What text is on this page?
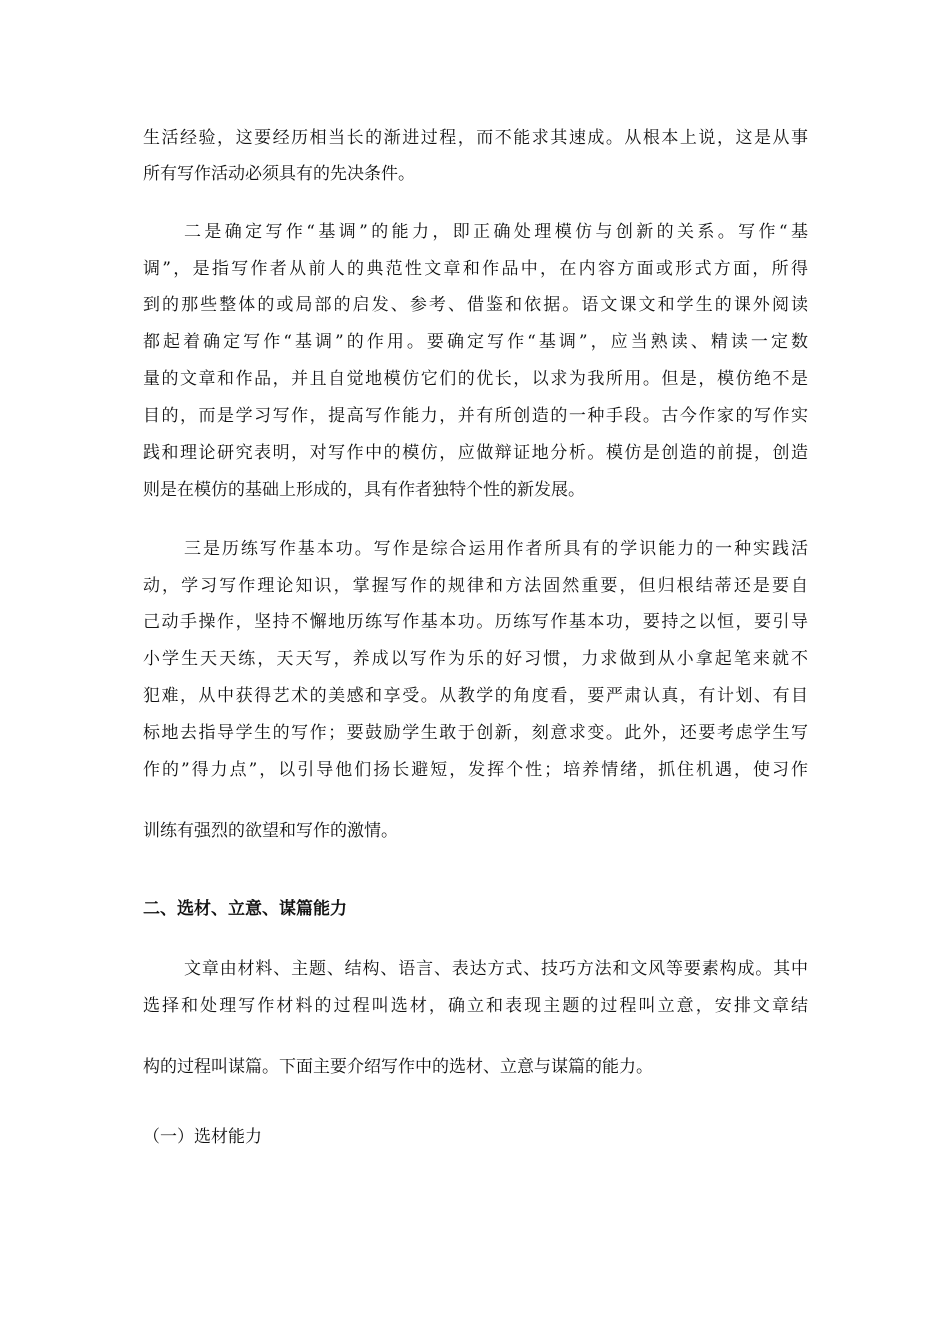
生活经验，这要经历相当长的渐进过程，而不能求其速成。从根本上说，这是从事
所有写作活动必须具有的先决条件。
二是确定写作“基调”的能力，即正确处理模仿与创新的关系。写作“基
调”，是指写作者从前人的典范性文章和作品中，在内容方面或形式方面，所得
到的那些整体的或局部的启发、参考、借鉴和依据。语文课文和学生的课外阅读
都起着确定写作“基调”的作用。要确定写作“基调”，应当熟读、精读一定数
量的文章和作品，并且自觉地模仿它们的优长，以求为我所用。但是，模仿绝不是
目的，而是学习写作，提高写作能力，并有所创造的一种手段。古今作家的写作实
践和理论研究表明，对写作中的模仿，应做辩证地分析。模仿是创造的前提，创造
则是在模仿的基础上形成的，具有作者独特个性的新发展。
三是历练写作基本功。写作是综合运用作者所具有的学识能力的一种实践活
动，学习写作理论知识，掌握写作的规律和方法固然重要，但归根结蒂还是要自
己动手操作，坚持不懈地历练写作基本功。历练写作基本功，要持之以恒，要引导
小学生天天练，天天写，养成以写作为乐的好习惯，力求做到从小拿起笔来就不
犯难，从中获得艺术的美感和享受。从教学的角度看，要严肃认真，有计划、有目
标地去指导学生的写作；要鼓励学生敢于创新，刻意求变。此外，还要考虑学生写
作的”得力点”，以引导他们扬长避短，发挥个性；培养情绪，抓住机遇，使习作
训练有强烈的欲望和写作的激情。
二、选材、立意、谋篇能力
文章由材料、主题、结构、语言、表达方式、技巧方法和文风等要素构成。其中
选择和处理写作材料的过程叫选材，确立和表现主题的过程叫立意，安排文章结
构的过程叫谋篇。下面主要介绍写作中的选材、立意与谋篇的能力。
（一）选材能力
